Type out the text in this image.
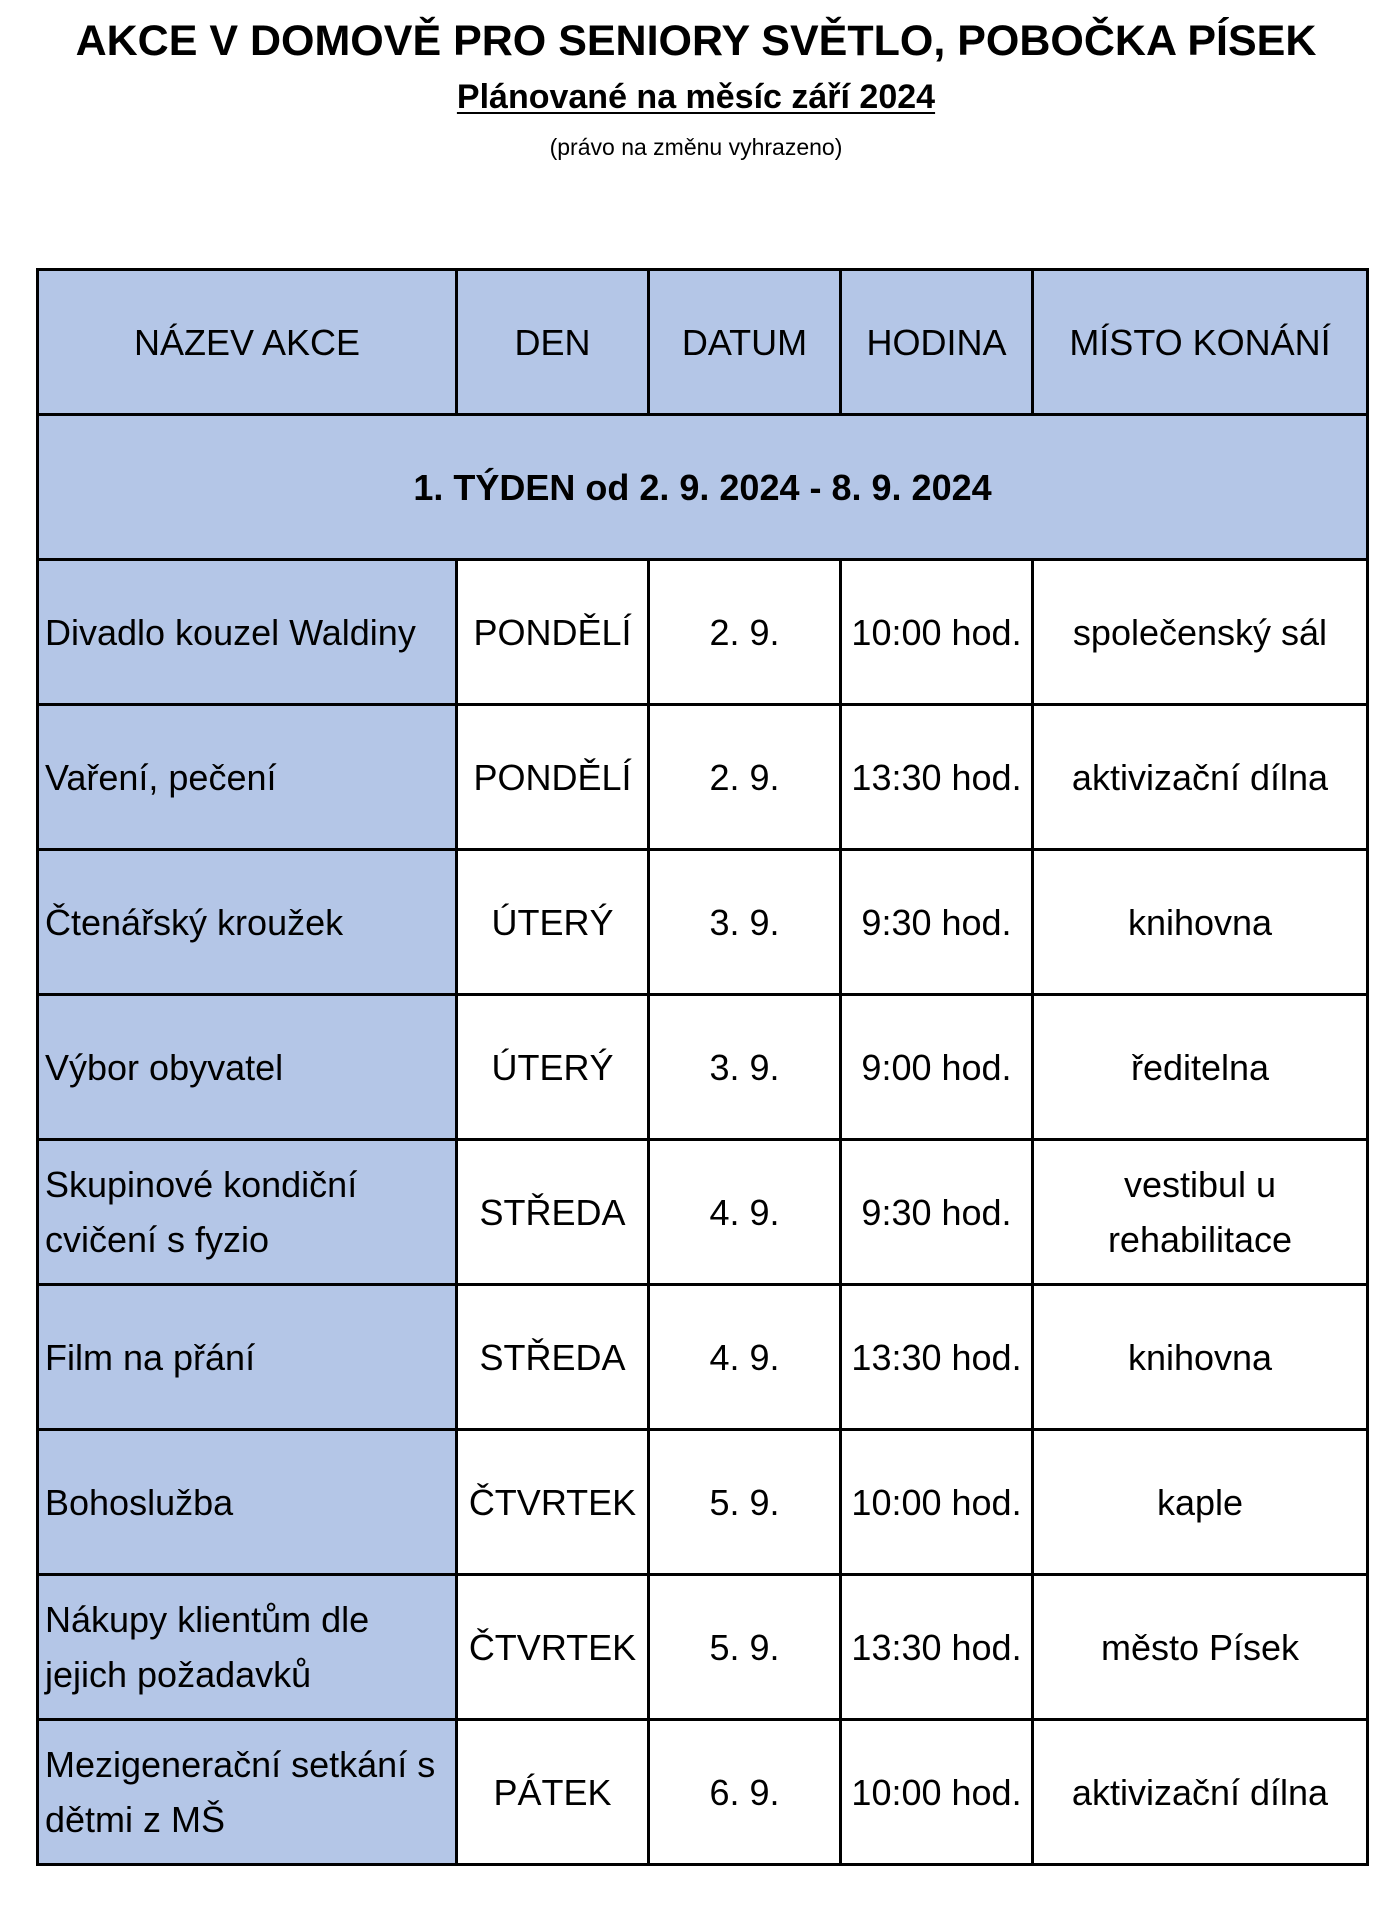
AKCE V DOMOVĚ PRO SENIORY SVĚTLO, POBOČKA PÍSEK
Plánované na měsíc září 2024
(právo na změnu vyhrazeno)
NÁZEV AKCE	DEN	DATUM	HODINA	MÍSTO KONÁNÍ
1. TÝDEN od 2. 9. 2024 - 8. 9. 2024				
Divadlo kouzel Waldiny	PONDĚLÍ	2. 9.	10:00 hod.	společenský sál
Vaření, pečení	PONDĚLÍ	2. 9.	13:30 hod.	aktivizační dílna
Čtenářský kroužek	ÚTERÝ	3. 9.	9:30 hod.	knihovna
Výbor obyvatel	ÚTERÝ	3. 9.	9:00 hod.	ředitelna
Skupinové kondiční cvičení s fyzio	STŘEDA	4. 9.	9:30 hod.	vestibul u rehabilitace
Film na přání	STŘEDA	4. 9.	13:30 hod.	knihovna
Bohoslužba	ČTVRTEK	5. 9.	10:00 hod.	kaple
Nákupy klientům dle jejich požadavků	ČTVRTEK	5. 9.	13:30 hod.	město Písek
Mezigenerační setkání s dětmi z MŠ	PÁTEK	6. 9.	10:00 hod.	aktivizační dílna
